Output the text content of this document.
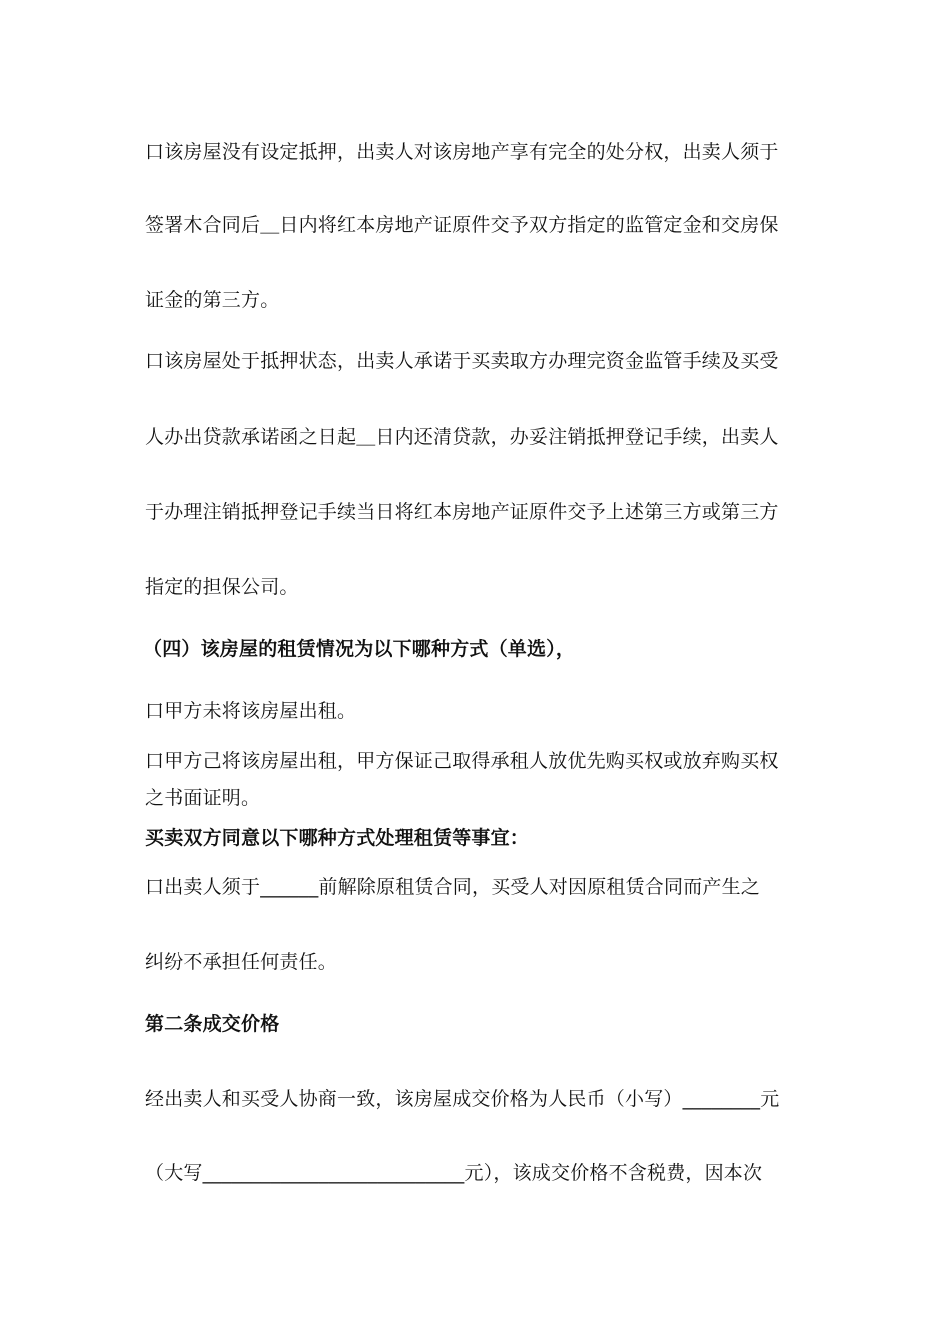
口该房屋没有设定抵押，出卖人对该房地产享有完全的处分权，出卖人须于
签署木合同后＿日内将红本房地产证原件交予双方指定的监管定金和交房保
证金的第三方。
口该房屋处于抵押状态，出卖人承诺于买卖取方办理完资金监管手续及买受
人办出贷款承诺函之日起＿日内还清贷款，办妥注销抵押登记手续，出卖人
于办理注销抵押登记手续当日将红本房地产证原件交予上述第三方或第三方
指定的担保公司。
（四）该房屋的租赁情况为以下哪种方式（单选），
口甲方未将该房屋出租。
口甲方己将该房屋出租，甲方保证己取得承租人放优先购买权或放弃购买权
之书面证明。
买卖双方同意以下哪种方式处理租赁等事宜：
口出卖人须于______前解除原租赁合同，买受人对因原租赁合同而产生之
纠纷不承担任何责任。
第二条成交价格
经出卖人和买受人协商一致，该房屋成交价格为人民币（小写）________元
（大写___________________________元），该成交价格不含税费，因本次
